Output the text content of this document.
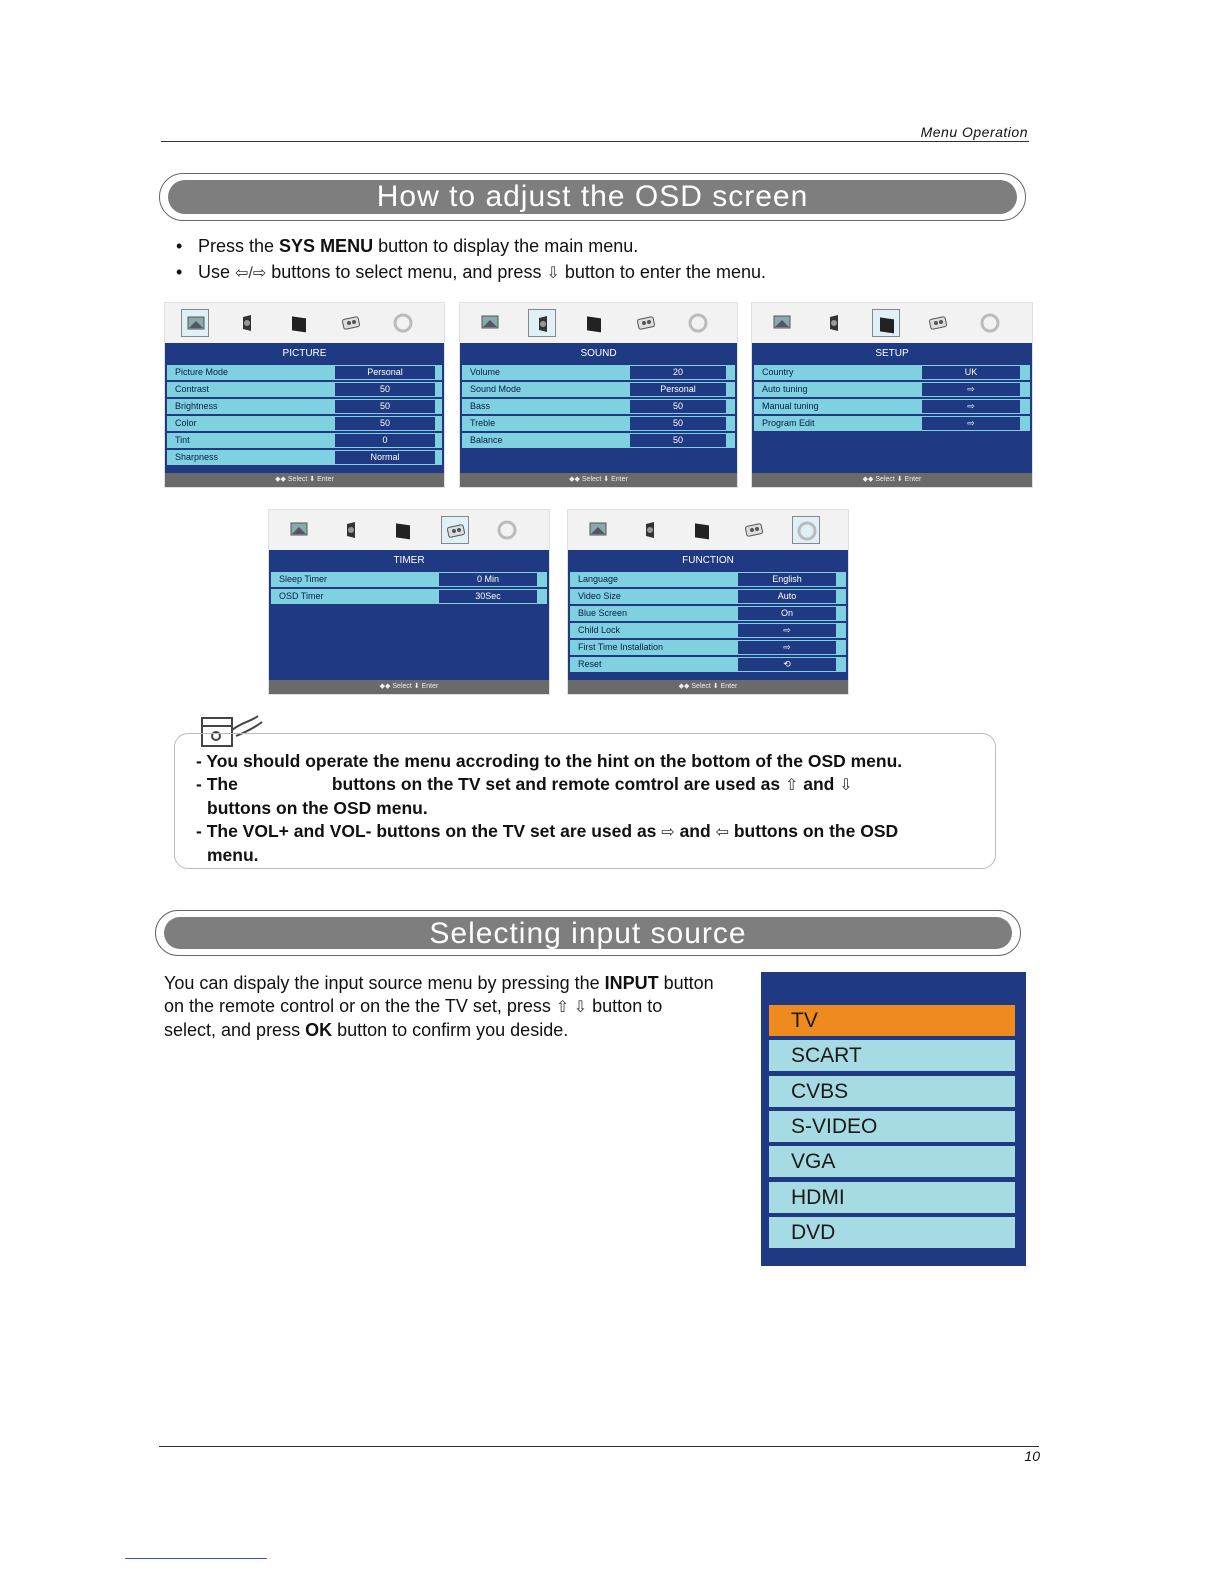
Menu Operation
How to adjust the OSD screen
• Press the SYS MENU button to display the main menu.
• Use ⇦/⇨ buttons to select menu, and press ⇩ button to enter the menu.
PICTURE
Picture Mode	Personal
Contrast	50
Brightness	50
Color	50
Tint	0
Sharpness	Normal
◆◆ Select ⬇ Enter
SOUND
Volume	20
Sound Mode	Personal
Bass	50
Treble	50
Balance	50
◆◆ Select ⬇ Enter
SETUP
Country	UK
Auto tuning	⇨
Manual tuning	⇨
Program Edit	⇨
◆◆ Select ⬇ Enter
TIMER
Sleep Timer	0 Min
OSD Timer	30Sec
◆◆ Select ⬇ Enter
FUNCTION
Language	English
Video Size	Auto
Blue Screen	On
Child Lock	⇨
First Time Installation	⇨
Reset	⟲
◆◆ Select ⬇ Enter
- You should operate the menu accroding to the hint on the bottom of the OSD menu.
- The	buttons on the TV set and remote comtrol are used as ⇧ and ⇩
buttons on the OSD menu.
- The VOL+ and VOL- buttons on the TV set are used as ⇨ and ⇦ buttons on the OSD
menu.
Selecting input source
You can dispaly the input source menu by pressing the INPUT button
on the remote control or on the the TV set, press ⇧ ⇩ button to
select, and press OK button to confirm you deside.	TV
SCART
CVBS
S-VIDEO
VGA
HDMI
DVD
10
